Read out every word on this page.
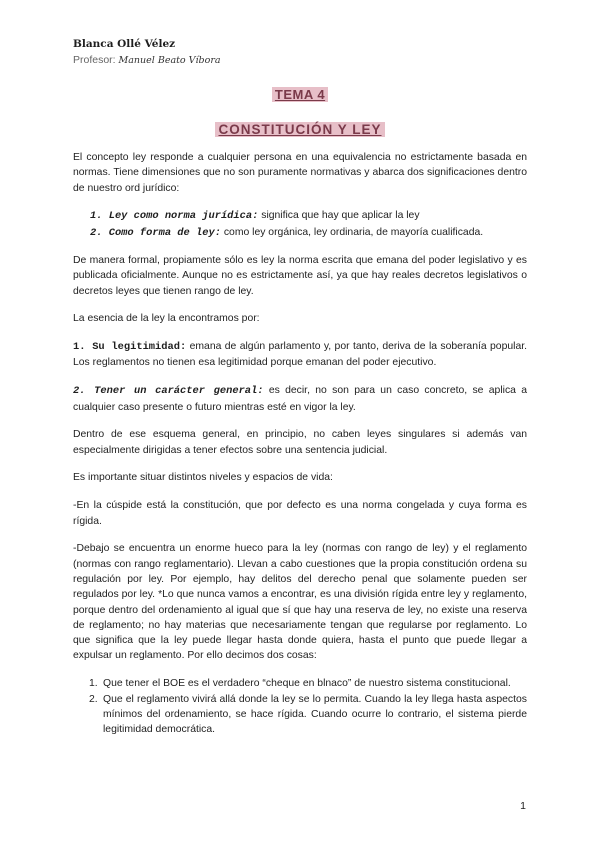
Blanca Ollé Vélez
Profesor: Manuel Beato Víbora
TEMA 4
CONSTITUCIÓN Y LEY

El concepto ley responde a cualquier persona en una equivalencia no estrictamente basada en normas. Tiene dimensiones que no son puramente normativas y abarca dos significaciones dentro de nuestro ord jurídico:

1. Ley como norma jurídica: significa que hay que aplicar la ley
2. Como forma de ley: como ley orgánica, ley ordinaria, de mayoría cualificada.

De manera formal, propiamente sólo es ley la norma escrita que emana del poder legislativo y es publicada oficialmente. Aunque no es estrictamente así, ya que hay reales decretos legislativos o decretos leyes que tienen rango de ley.

La esencia de la ley la encontramos por:

1. Su legitimidad: emana de algún parlamento y, por tanto, deriva de la soberanía popular. Los reglamentos no tienen esa legitimidad porque emanan del poder ejecutivo.

2. Tener un carácter general: es decir, no son para un caso concreto, se aplica a cualquier caso presente o futuro mientras esté en vigor la ley.

Dentro de ese esquema general, en principio, no caben leyes singulares si además van especialmente dirigidas a tener efectos sobre una sentencia judicial.

Es importante situar distintos niveles y espacios de vida:

-En la cúspide está la constitución, que por defecto es una norma congelada y cuya forma es rígida.

-Debajo se encuentra un enorme hueco para la ley (normas con rango de ley) y el reglamento (normas con rango reglamentario). Llevan a cabo cuestiones que la propia constitución ordena su regulación por ley. Por ejemplo, hay delitos del derecho penal que solamente pueden ser regulados por ley. *Lo que nunca vamos a encontrar, es una división rígida entre ley y reglamento, porque dentro del ordenamiento al igual que sí que hay una reserva de ley, no existe una reserva de reglamento; no hay materias que necesariamente tengan que regularse por reglamento. Lo que significa que la ley puede llegar hasta donde quiera, hasta el punto que puede llegar a expulsar un reglamento. Por ello decimos dos cosas:

1. Que tener el BOE es el verdadero “cheque en blnaco” de nuestro sistema constitucional.
2. Que el reglamento vivirá allá donde la ley se lo permita. Cuando la ley llega hasta aspectos mínimos del ordenamiento, se hace rígida. Cuando ocurre lo contrario, el sistema pierde legitimidad democrática.
1
